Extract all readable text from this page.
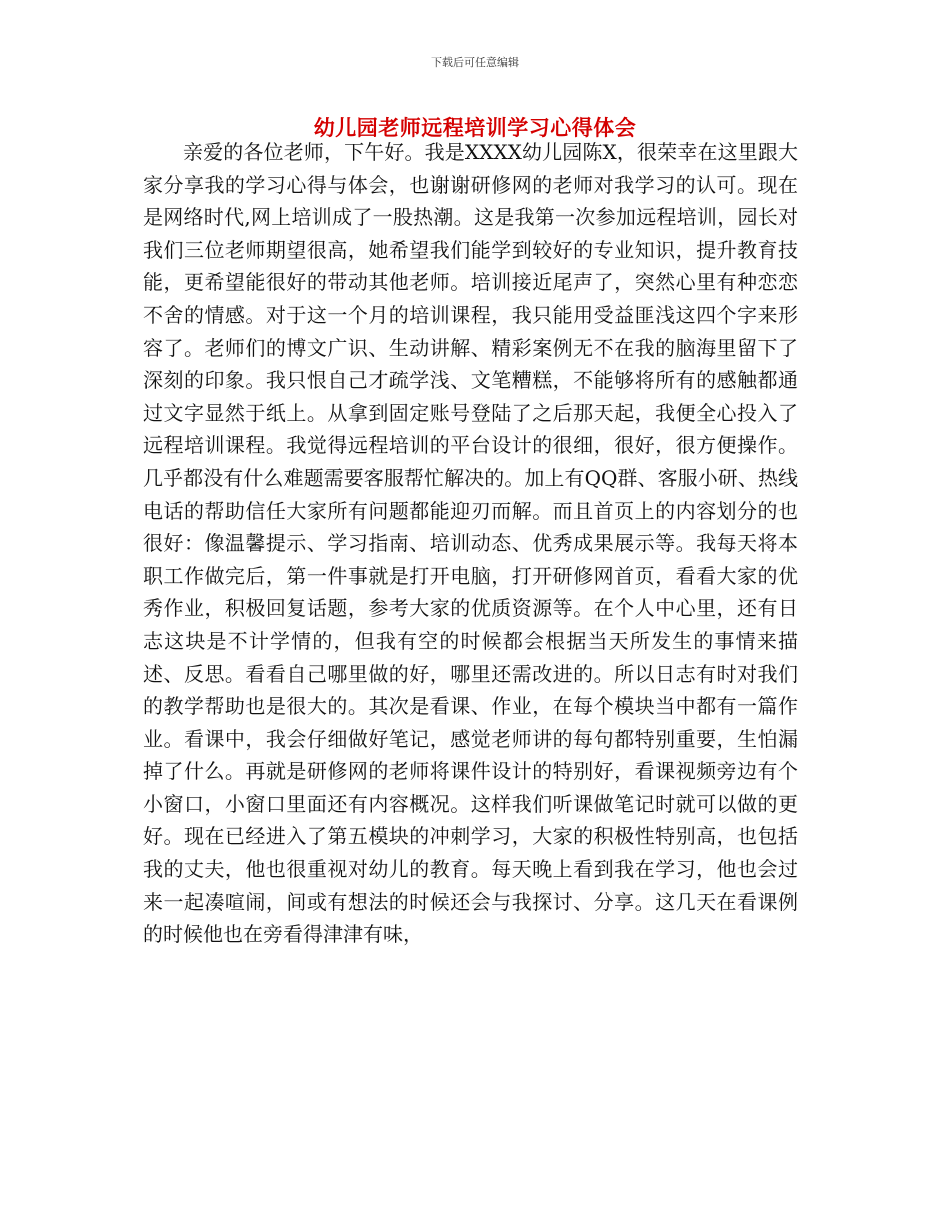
下载后可任意编辑
幼儿园老师远程培训学习心得体会

亲爱的各位老师，下午好。我是XXXX幼儿园陈X，很荣幸在这里跟大家分享我的学习心得与体会，也谢谢研修网的老师对我学习的认可。现在是网络时代,网上培训成了一股热潮。这是我第一次参加远程培训，园长对我们三位老师期望很高，她希望我们能学到较好的专业知识，提升教育技能，更希望能很好的带动其他老师。培训接近尾声了，突然心里有种恋恋不舍的情感。对于这一个月的培训课程，我只能用受益匪浅这四个字来形容了。老师们的博文广识、生动讲解、精彩案例无不在我的脑海里留下了深刻的印象。我只恨自己才疏学浅、文笔糟糕，不能够将所有的感触都通过文字显然于纸上。从拿到固定账号登陆了之后那天起，我便全心投入了远程培训课程。我觉得远程培训的平台设计的很细，很好，很方便操作。几乎都没有什么难题需要客服帮忙解决的。加上有QQ群、客服小研、热线电话的帮助信任大家所有问题都能迎刃而解。而且首页上的内容划分的也很好：像温馨提示、学习指南、培训动态、优秀成果展示等。我每天将本职工作做完后，第一件事就是打开电脑，打开研修网首页，看看大家的优秀作业，积极回复话题，参考大家的优质资源等。在个人中心里，还有日志这块是不计学情的，但我有空的时候都会根据当天所发生的事情来描述、反思。看看自己哪里做的好，哪里还需改进的。所以日志有时对我们的教学帮助也是很大的。其次是看课、作业，在每个模块当中都有一篇作业。看课中，我会仔细做好笔记，感觉老师讲的每句都特别重要，生怕漏掉了什么。再就是研修网的老师将课件设计的特别好，看课视频旁边有个小窗口，小窗口里面还有内容概况。这样我们听课做笔记时就可以做的更好。现在已经进入了第五模块的冲刺学习，大家的积极性特别高，也包括我的丈夫，他也很重视对幼儿的教育。每天晚上看到我在学习，他也会过来一起凑喧闹，间或有想法的时候还会与我探讨、分享。这几天在看课例的时候他也在旁看得津津有味，
